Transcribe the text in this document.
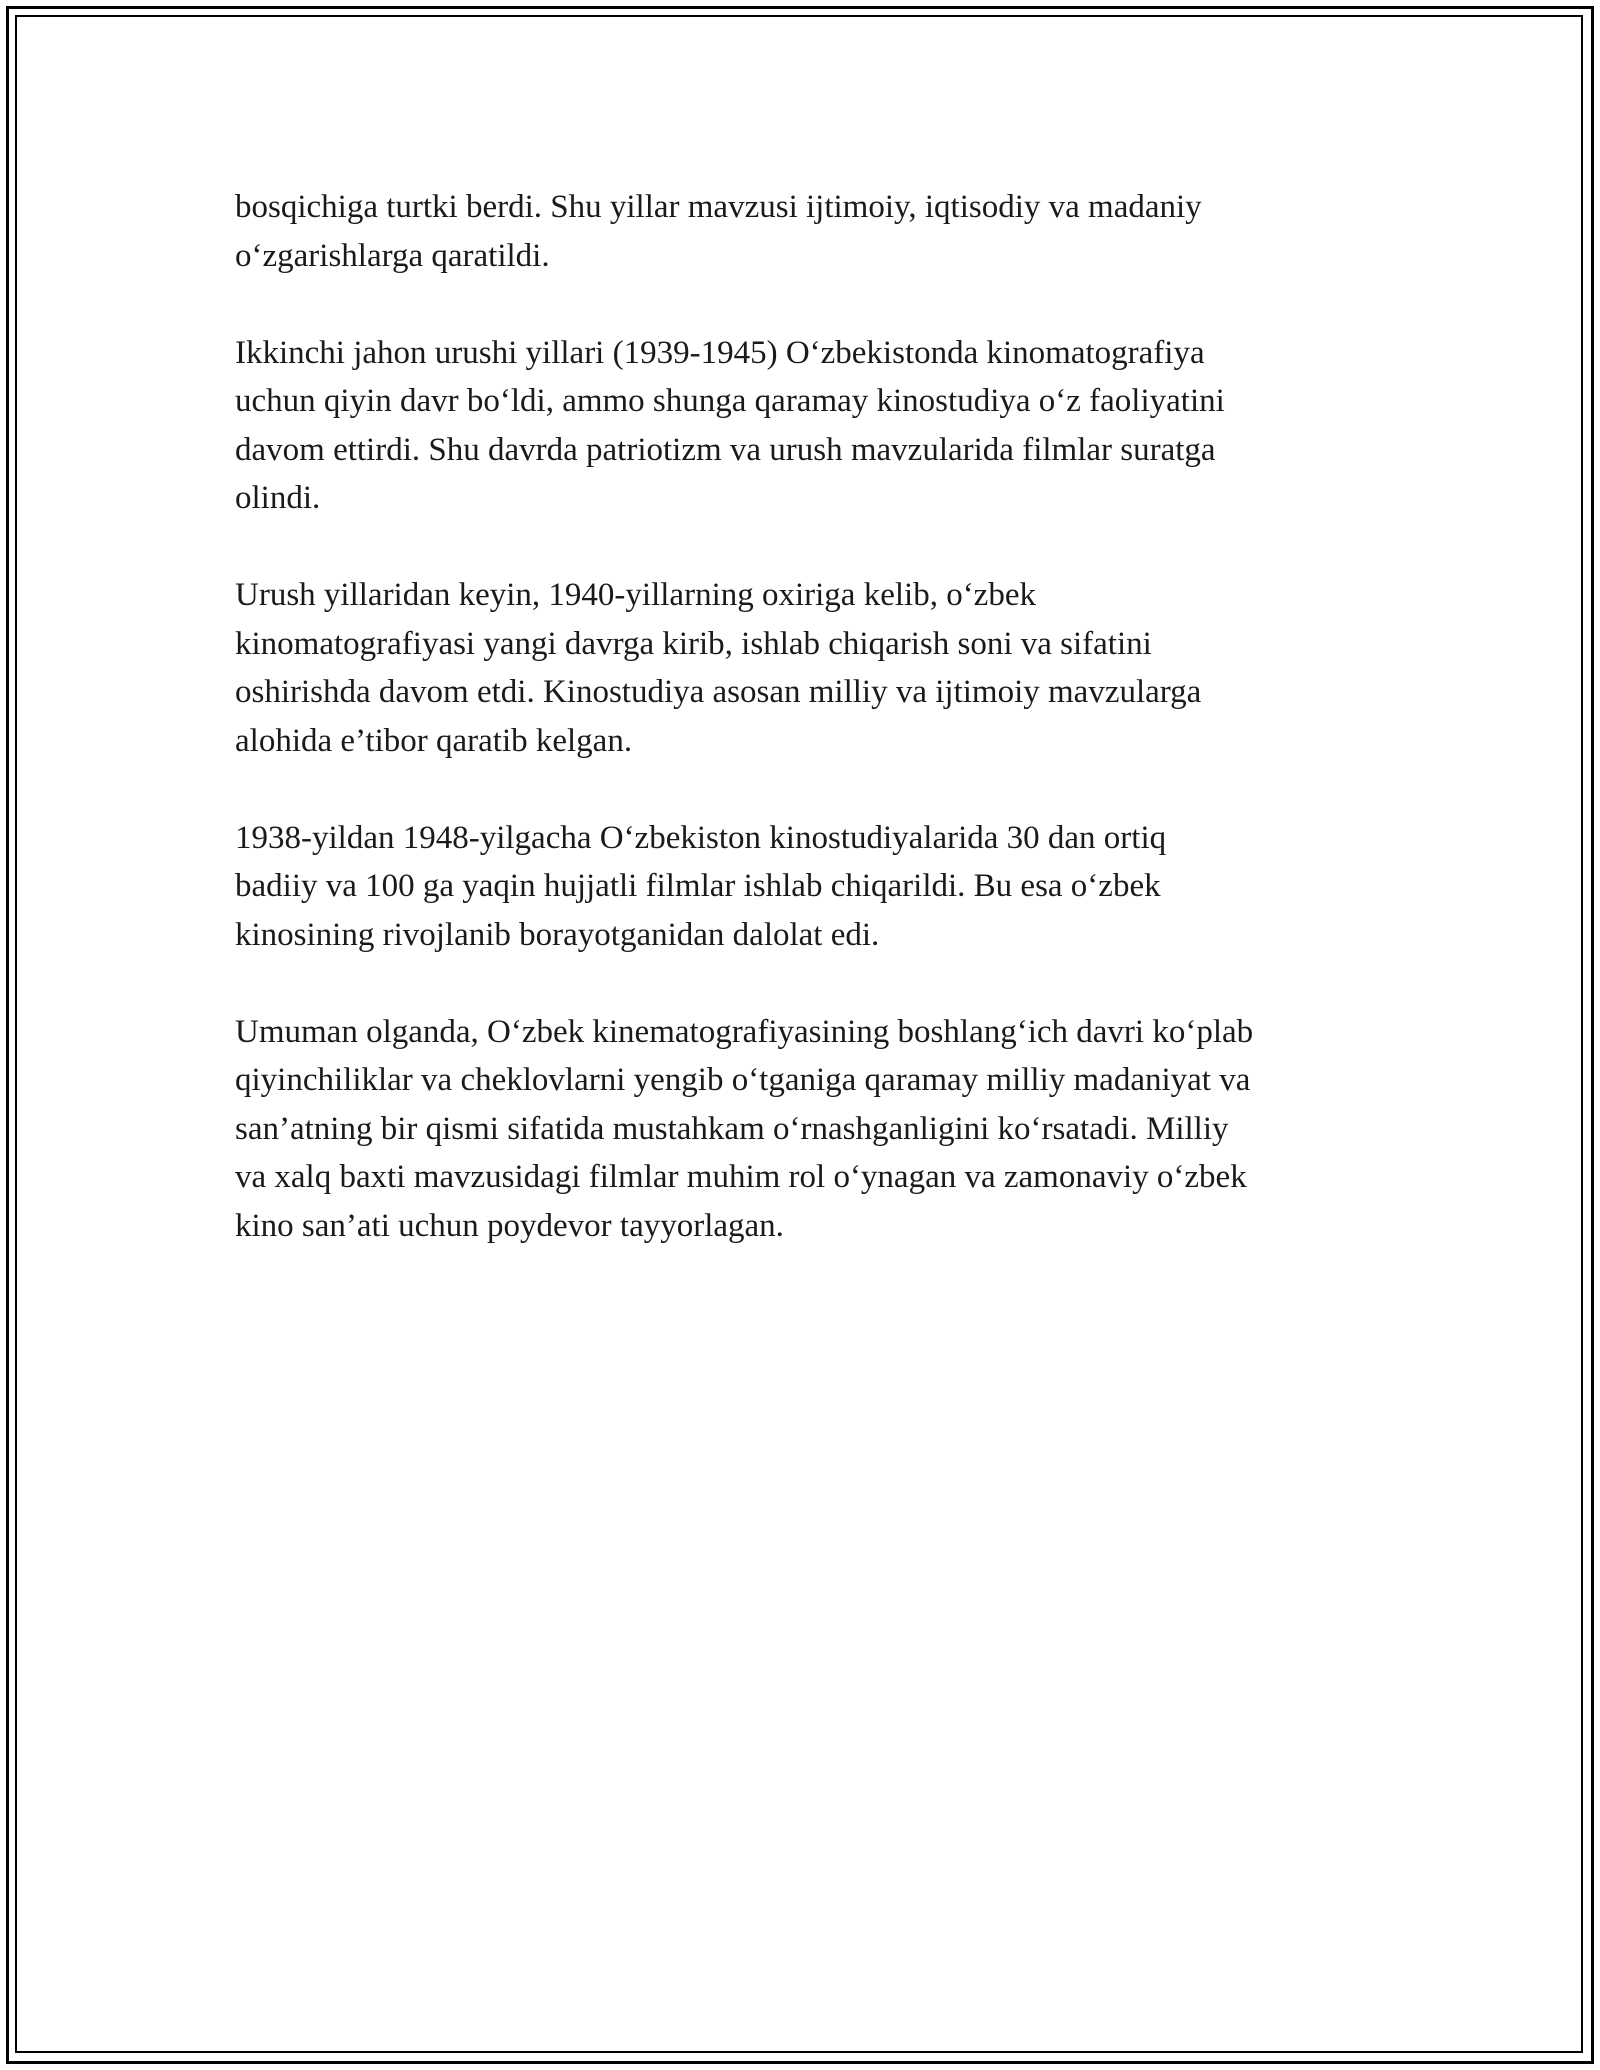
bosqichiga turtki berdi. Shu yillar mavzusi ijtimoiy, iqtisodiy va madaniy
o‘zgarishlarga qaratildi.

Ikkinchi jahon urushi yillari (1939-1945) O‘zbekistonda kinomatografiya
uchun qiyin davr bo‘ldi, ammo shunga qaramay kinostudiya o‘z faoliyatini
davom ettirdi. Shu davrda patriotizm va urush mavzularida filmlar suratga
olindi.

Urush yillaridan keyin, 1940-yillarning oxiriga kelib, o‘zbek
kinomatografiyasi yangi davrga kirib, ishlab chiqarish soni va sifatini
oshirishda davom etdi. Kinostudiya asosan milliy va ijtimoiy mavzularga
alohida e’tibor qaratib kelgan.

1938-yildan 1948-yilgacha O‘zbekiston kinostudiyalarida 30 dan ortiq
badiiy va 100 ga yaqin hujjatli filmlar ishlab chiqarildi. Bu esa o‘zbek
kinosining rivojlanib borayotganidan dalolat edi.

Umuman olganda, O‘zbek kinematografiyasining boshlang‘ich davri ko‘plab
qiyinchiliklar va cheklovlarni yengib o‘tganiga qaramay milliy madaniyat va
san’atning bir qismi sifatida mustahkam o‘rnashganligini ko‘rsatadi. Milliy
va xalq baxti mavzusidagi filmlar muhim rol o‘ynagan va zamonaviy o‘zbek
kino san’ati uchun poydevor tayyorlagan.
